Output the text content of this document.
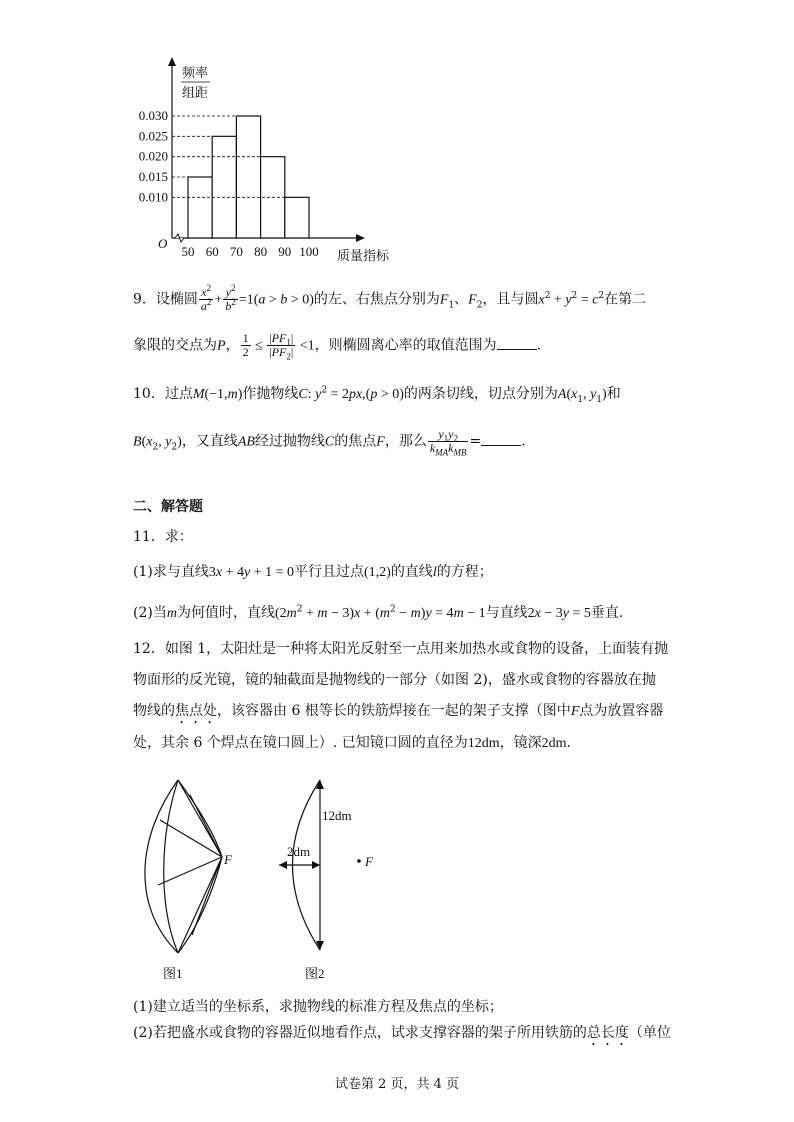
频率
组距
O
0.030
0.025
0.020
0.015
0.010
50 60 70 80 90 100 质量指标
9．设椭圆 $\frac{x^2}{a^2} + \frac{y^2}{b^2} =1(a > b > 0)$的左、右焦点分别为$F_1$、$F_2$，且与圆$x^2 + y^2 = c^2$在第二
象限的交点为P， $\frac{1}{2} \le \frac{|PF_1|}{|PF_2|} <1$，则椭圆离心率的取值范围为	.
10．过点M(−1,m)作抛物线C: $y^2 = 2px,(p > 0)$的两条切线，切点分别为$A(x_1$, $y_1$)和
$B(x_2$, $y_2$)，又直线AB经过抛物线C的焦点F，那么 $\frac{y_1y_2}{k_{MA}k_{MB}}$ =	.
二、解答题
11．求：
(1)求与直线3x + 4y + 1 = 0平行且过点(1,2)的直线l的方程；
(2)当m为何值时，直线$(2m^2 + m - 3)x + (m^2 - m)y = 4m - 1$与直线2x − 3y = 5垂直.
12．如图 1，太阳灶是一种将太阳光反射至一点用来加热水或食物的设备，上面装有抛
物面形的反光镜，镜的轴截面是抛物线的一部分（如图 2)，盛水或食物的容器放在抛
物线的焦点处，该容器由 6 根等长的铁筋焊接在一起的架子支撑（图中F点为放置容器
处，其余 6 个焊点在镜口圆上）. 已知镜口圆的直径为12dm，镜深2dm.
F
图1
12dm
2dm
F
图2
(1)建立适当的坐标系，求抛物线的标准方程及焦点的坐标；
(2)若把盛水或食物的容器近似地看作点，试求支撑容器的架子所用铁筋的总长度（单位
试卷第 2 页，共 4 页
